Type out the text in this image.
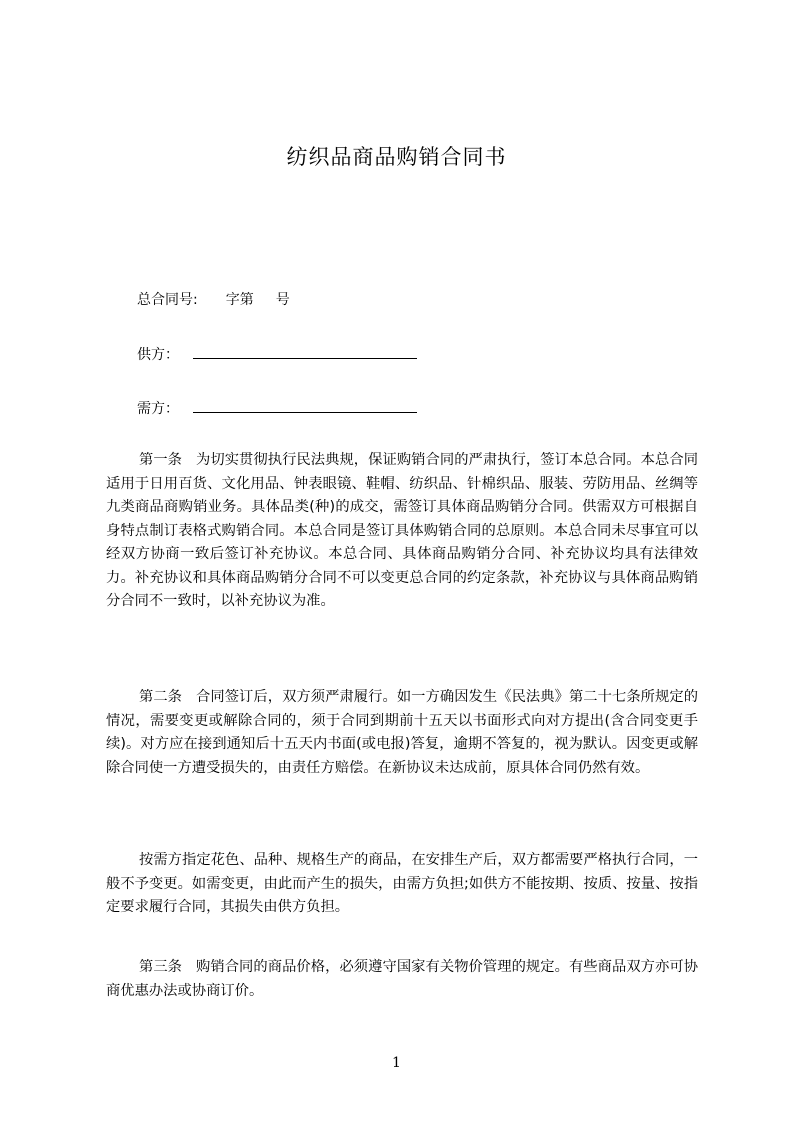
纺织品商品购销合同书
总合同号: 字第 号
供方：
需方：

第一条 为切实贯彻执行民法典规，保证购销合同的严肃执行，签订本总合同。本总合同适用于日用百货、文化用品、钟表眼镜、鞋帽、纺织品、针棉织品、服装、劳防用品、丝绸等九类商品商购销业务。具体品类(种)的成交，需签订具体商品购销分合同。供需双方可根据自身特点制订表格式购销合同。本总合同是签订具体购销合同的总原则。本总合同未尽事宜可以经双方协商一致后签订补充协议。本总合同、具体商品购销分合同、补充协议均具有法律效力。补充协议和具体商品购销分合同不可以变更总合同的约定条款，补充协议与具体商品购销分合同不一致时，以补充协议为准。

第二条 合同签订后，双方须严肃履行。如一方确因发生《民法典》第二十七条所规定的情况，需要变更或解除合同的，须于合同到期前十五天以书面形式向对方提出(含合同变更手续)。对方应在接到通知后十五天内书面(或电报)答复，逾期不答复的，视为默认。因变更或解除合同使一方遭受损失的，由责任方赔偿。在新协议未达成前，原具体合同仍然有效。

按需方指定花色、品种、规格生产的商品，在安排生产后，双方都需要严格执行合同，一般不予变更。如需变更，由此而产生的损失，由需方负担;如供方不能按期、按质、按量、按指定要求履行合同，其损失由供方负担。

第三条 购销合同的商品价格，必须遵守国家有关物价管理的规定。有些商品双方亦可协商优惠办法或协商订价。

1
